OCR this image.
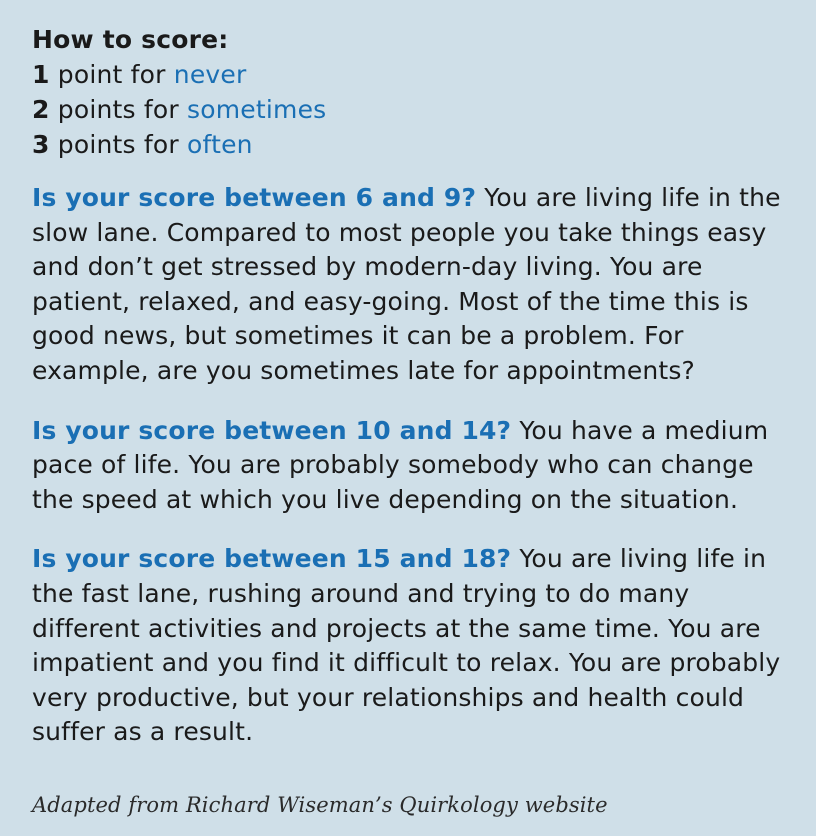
How to score:
1 point for never
2 points for sometimes
3 points for often

Is your score between 6 and 9? You are living life in the slow lane. Compared to most people you take things easy and don’t get stressed by modern-day living. You are patient, relaxed, and easy-going. Most of the time this is good news, but sometimes it can be a problem. For example, are you sometimes late for appointments?

Is your score between 10 and 14? You have a medium pace of life. You are probably somebody who can change the speed at which you live depending on the situation.

Is your score between 15 and 18? You are living life in the fast lane, rushing around and trying to do many different activities and projects at the same time. You are impatient and you find it difficult to relax. You are probably very productive, but your relationships and health could suffer as a result.

Adapted from Richard Wiseman’s Quirkology website
